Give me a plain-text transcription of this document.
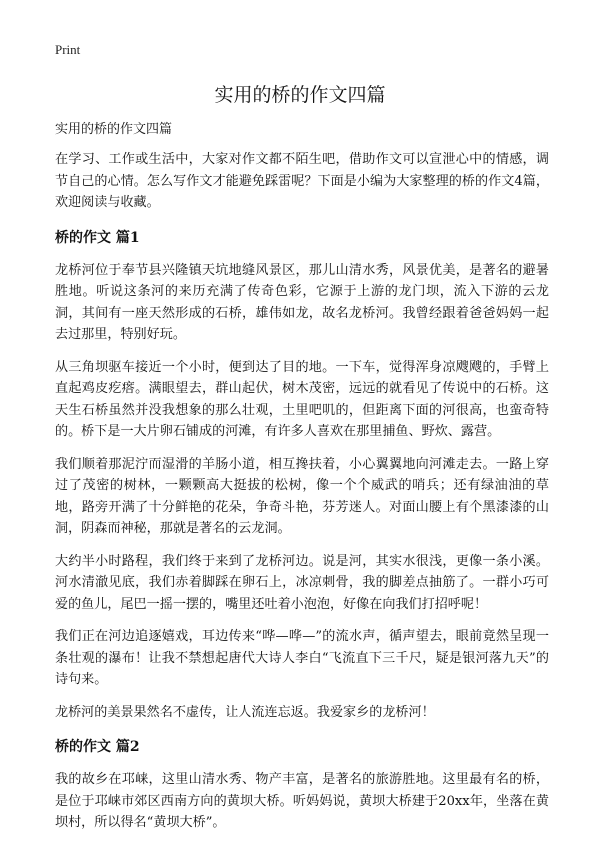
Print
实用的桥的作文四篇

实用的桥的作文四篇

在学习、工作或生活中，大家对作文都不陌生吧，借助作文可以宣泄心中的情感，调节自己的心情。怎么写作文才能避免踩雷呢？下面是小编为大家整理的桥的作文4篇，欢迎阅读与收藏。

桥的作文 篇1

龙桥河位于奉节县兴隆镇天坑地缝风景区，那儿山清水秀，风景优美，是著名的避暑胜地。听说这条河的来历充满了传奇色彩，它源于上游的龙门坝，流入下游的云龙洞，其间有一座天然形成的石桥，雄伟如龙，故名龙桥河。我曾经跟着爸爸妈妈一起去过那里，特别好玩。

从三角坝驱车接近一个小时，便到达了目的地。一下车，觉得浑身凉飕飕的，手臂上直起鸡皮疙瘩。满眼望去，群山起伏，树木茂密，远远的就看见了传说中的石桥。这天生石桥虽然并没我想象的那么壮观，土里吧叽的，但距离下面的河很高，也蛮奇特的。桥下是一大片卵石铺成的河滩，有许多人喜欢在那里捕鱼、野炊、露营。

我们顺着那泥泞而湿滑的羊肠小道，相互搀扶着，小心翼翼地向河滩走去。一路上穿过了茂密的树林，一颗颗高大挺拔的松树，像一个个威武的哨兵；还有绿油油的草地，路旁开满了十分鲜艳的花朵，争奇斗艳，芬芳迷人。对面山腰上有个黑漆漆的山洞，阴森而神秘，那就是著名的云龙洞。

大约半小时路程，我们终于来到了龙桥河边。说是河，其实水很浅，更像一条小溪。河水清澈见底，我们赤着脚踩在卵石上，冰凉刺骨，我的脚差点抽筋了。一群小巧可爱的鱼儿，尾巴一摇一摆的，嘴里还吐着小泡泡，好像在向我们打招呼呢！

我们正在河边追逐嬉戏，耳边传来“哗—哗—”的流水声，循声望去，眼前竟然呈现一条壮观的瀑布！让我不禁想起唐代大诗人李白“飞流直下三千尺，疑是银河落九天”的诗句来。

龙桥河的美景果然名不虚传，让人流连忘返。我爱家乡的龙桥河！

桥的作文 篇2

我的故乡在邛崃，这里山清水秀、物产丰富，是著名的旅游胜地。这里最有名的桥，是位于邛崃市郊区西南方向的黄坝大桥。听妈妈说，黄坝大桥建于20xx年，坐落在黄坝村，所以得名“黄坝大桥”。
